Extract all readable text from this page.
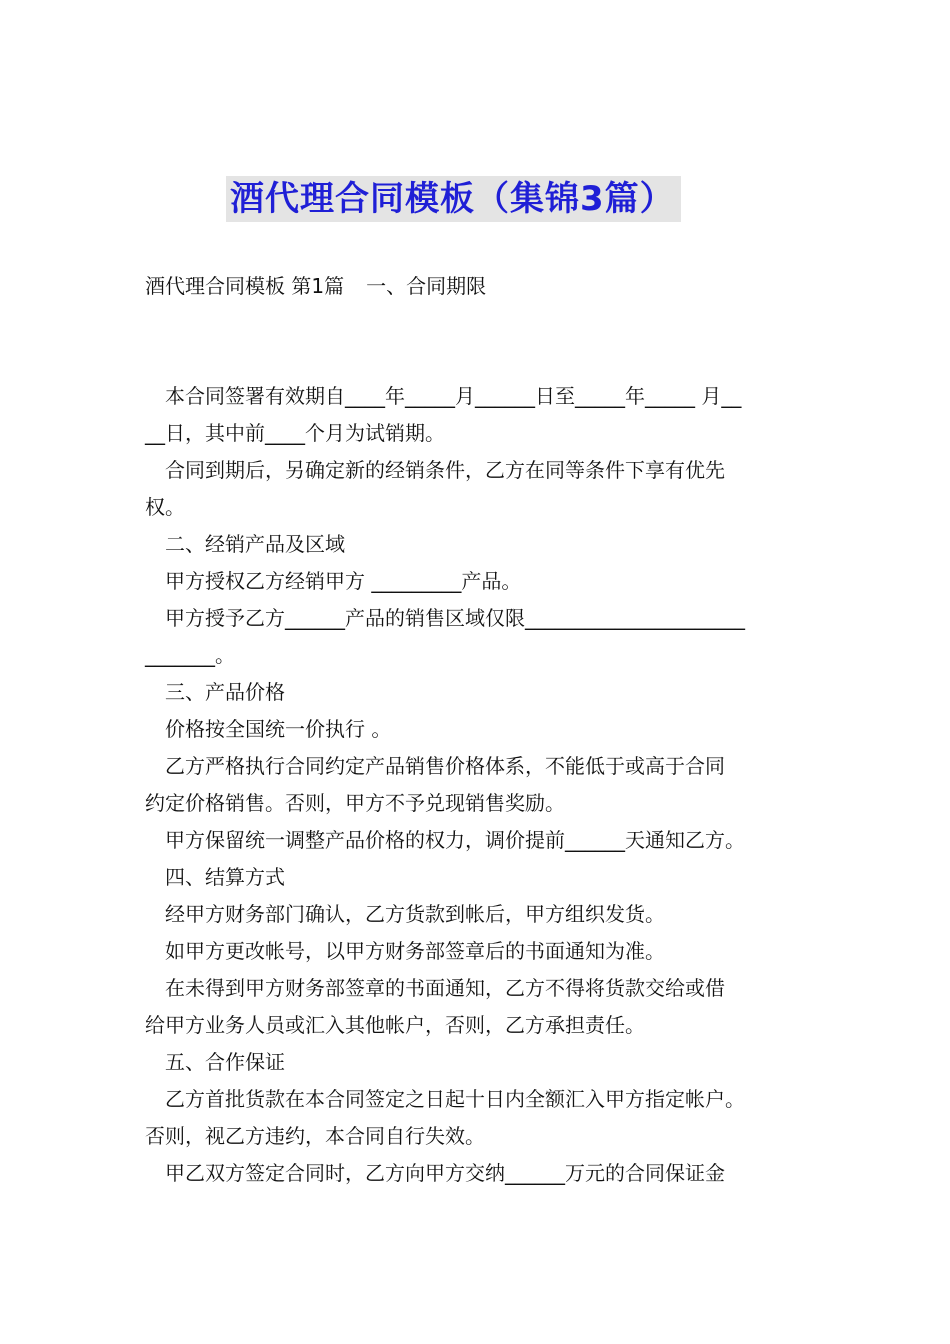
酒代理合同模板（集锦3篇）
酒代理合同模板 第1篇 一、合同期限
本合同签署有效期自____年_____月______日至_____年_____ 月__
__日，其中前____个月为试销期。
合同到期后，另确定新的经销条件，乙方在同等条件下享有优先
权。
二、经销产品及区域
甲方授权乙方经销甲方 _________产品。
甲方授予乙方______产品的销售区域仅限______________________
_______。
三、产品价格
价格按全国统一价执行 。
乙方严格执行合同约定产品销售价格体系，不能低于或高于合同
约定价格销售。否则，甲方不予兑现销售奖励。
甲方保留统一调整产品价格的权力，调价提前______天通知乙方。
四、结算方式
经甲方财务部门确认，乙方货款到帐后，甲方组织发货。
如甲方更改帐号，以甲方财务部签章后的书面通知为准。
在未得到甲方财务部签章的书面通知，乙方不得将货款交给或借
给甲方业务人员或汇入其他帐户，否则，乙方承担责任。
五、合作保证
乙方首批货款在本合同签定之日起十日内全额汇入甲方指定帐户。
否则，视乙方违约，本合同自行失效。
甲乙双方签定合同时，乙方向甲方交纳______万元的合同保证金
